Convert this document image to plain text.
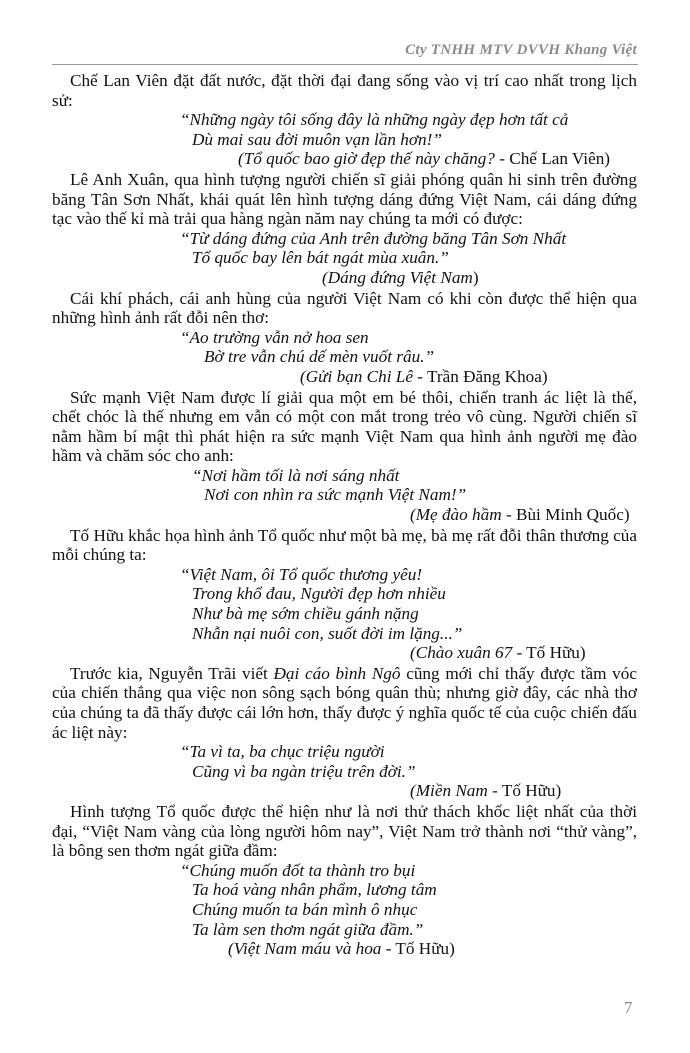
Cty TNHH MTV DVVH Khang Việt

Chế Lan Viên đặt đất nước, đặt thời đại đang sống vào vị trí cao nhất trong lịch sử:

“Những ngày tôi sống đây là những ngày đẹp hơn tất cả
Dù mai sau đời muôn vạn lần hơn!”
(Tổ quốc bao giờ đẹp thế này chăng? - Chế Lan Viên)

Lê Anh Xuân, qua hình tượng người chiến sĩ giải phóng quân hi sinh trên đường băng Tân Sơn Nhất, khái quát lên hình tượng dáng đứng Việt Nam, cái dáng đứng tạc vào thế kỉ mà trải qua hàng ngàn năm nay chúng ta mới có được:

“Từ dáng đứng của Anh trên đường băng Tân Sơn Nhất
Tổ quốc bay lên bát ngát mùa xuân.”
(Dáng đứng Việt Nam)

Cái khí phách, cái anh hùng của người Việt Nam có khi còn được thể hiện qua những hình ảnh rất đỗi nên thơ:

“Ao trường vẫn nở hoa sen
Bờ tre vẫn chú dế mèn vuốt râu.”
(Gửi bạn Chi Lê - Trần Đăng Khoa)

Sức mạnh Việt Nam được lí giải qua một em bé thôi, chiến tranh ác liệt là thế, chết chóc là thế nhưng em vẫn có một con mắt trong trẻo vô cùng. Người chiến sĩ nằm hầm bí mật thì phát hiện ra sức mạnh Việt Nam qua hình ảnh người mẹ đào hầm và chăm sóc cho anh:

“Nơi hầm tối là nơi sáng nhất
Nơi con nhìn ra sức mạnh Việt Nam!”
(Mẹ đào hầm - Bùi Minh Quốc)

Tố Hữu khắc họa hình ảnh Tổ quốc như một bà mẹ, bà mẹ rất đỗi thân thương của mỗi chúng ta:

“Việt Nam, ôi Tổ quốc thương yêu!
Trong khổ đau, Người đẹp hơn nhiều
Như bà mẹ sớm chiều gánh nặng
Nhẫn nại nuôi con, suốt đời im lặng...”
(Chào xuân 67 - Tố Hữu)

Trước kia, Nguyễn Trãi viết Đại cáo bình Ngô cũng mới chỉ thấy được tầm vóc của chiến thắng qua việc non sông sạch bóng quân thù; nhưng giờ đây, các nhà thơ của chúng ta đã thấy được cái lớn hơn, thấy được ý nghĩa quốc tế của cuộc chiến đấu ác liệt này:

“Ta vì ta, ba chục triệu người
Cũng vì ba ngàn triệu trên đời.”
(Miền Nam - Tố Hữu)

Hình tượng Tổ quốc được thể hiện như là nơi thử thách khốc liệt nhất của thời đại, “Việt Nam vàng của lòng người hôm nay”, Việt Nam trở thành nơi “thử vàng”, là bông sen thơm ngát giữa đầm:

“Chúng muốn đốt ta thành tro bụi
Ta hoá vàng nhân phẩm, lương tâm
Chúng muốn ta bán mình ô nhục
Ta làm sen thơm ngát giữa đầm.”
(Việt Nam máu và hoa - Tố Hữu)
7
